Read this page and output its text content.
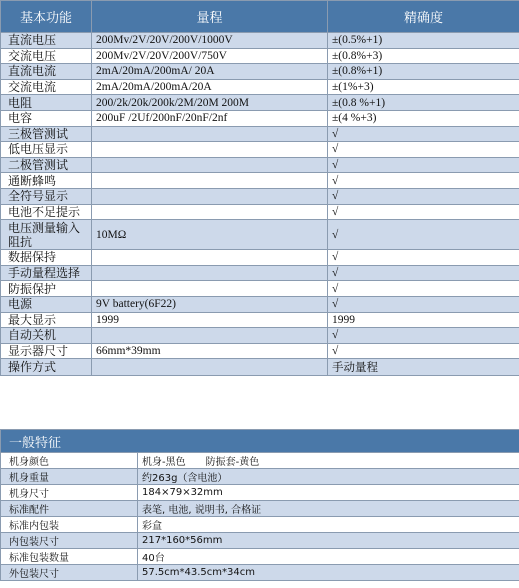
基本功能	量程	精确度
直流电压	200Mv/2V/20V/200V/1000V	±(0.5%+1)
交流电压	200Mv/2V/20V/200V/750V	±(0.8%+3)
直流电流	2mA/20mA/200mA/ 20A	±(0.8%+1)
交流电流	2mA/20mA/200mA/20A	±(1%+3)
电阻	200/2k/20k/200k/2M/20M 200M	±(0.8 %+1)
电容	200uF /2Uf/200nF/20nF/2nf	±(4 %+3)
三极管测试		√
低电压显示		√
二极管测试		√
通断蜂鸣		√
全符号显示		√
电池不足提示		√
电压测量输入阻抗	10MΩ	√
数据保持		√
手动量程选择		√
防振保护		√
电源	9V battery(6F22)	√
最大显示	1999	1999
自动关机		√
显示器尺寸	66mm*39mm	√
操作方式		手动量程
一般特征	
机身颜色	机身-黑色　　防振套-黄色
机身重量	约263g（含电池）
机身尺寸	184×79×32mm
标准配件	表笔, 电池, 说明书, 合格证
标准内包装	彩盒
内包装尺寸	217*160*56mm
标准包装数量	40台
外包装尺寸	57.5cm*43.5cm*34cm
